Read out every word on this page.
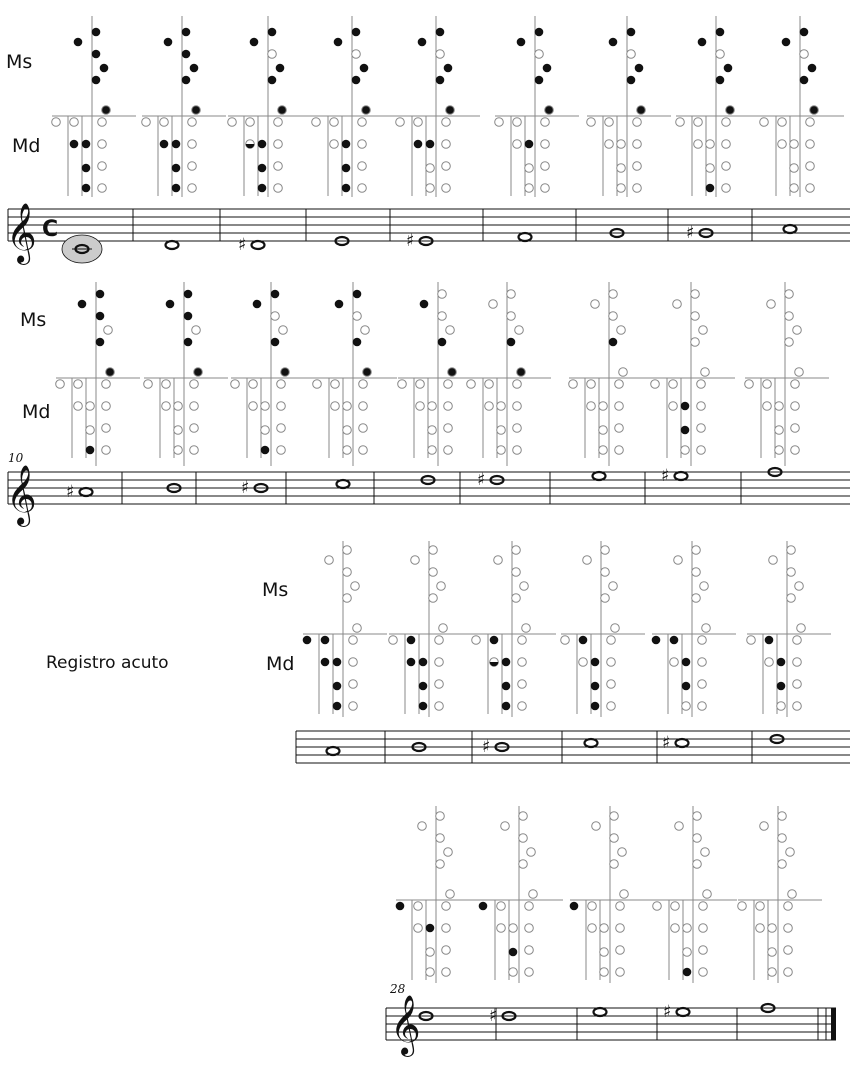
Ms
Md
Ms
Md
Ms
Md
Registro acuto
10
28
𝄞 C
𝄞
𝄞
♯	♯	♯
♯	♯	♯	♯
♯	♯
♯	♯
